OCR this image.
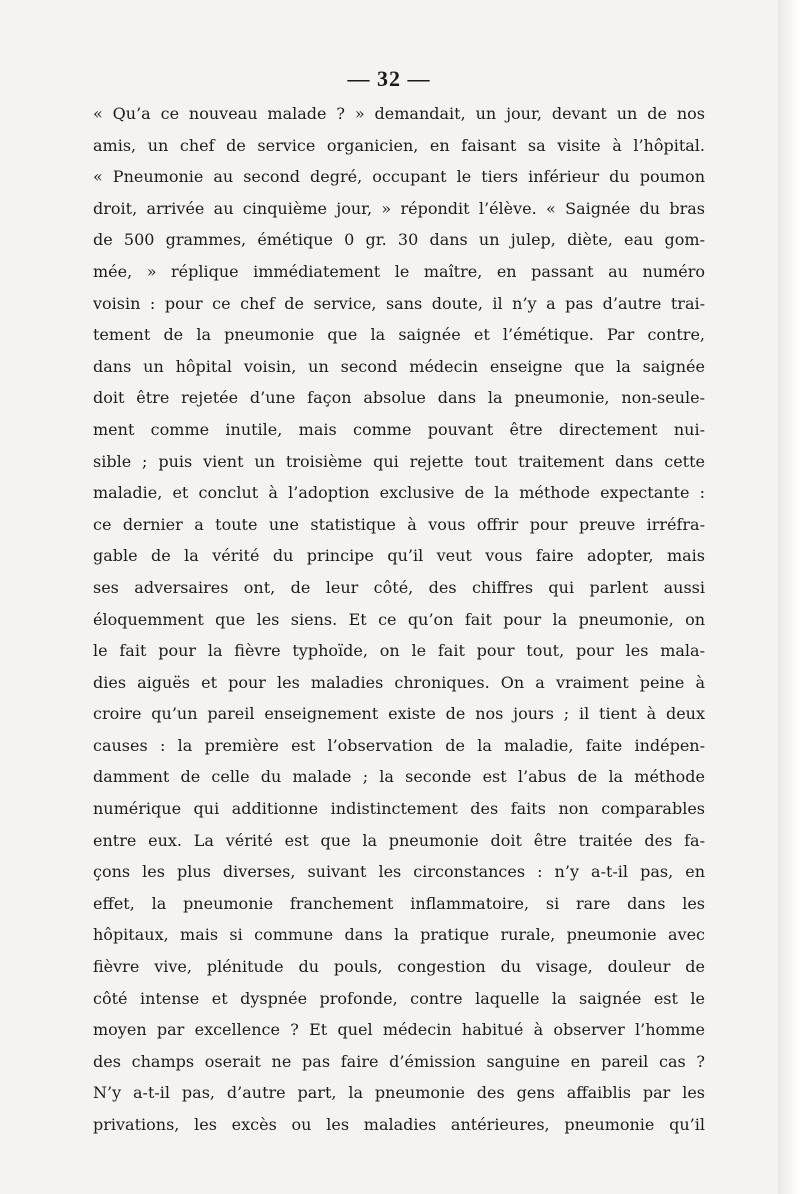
— 32 —
« Qu’a ce nouveau malade ? » demandait, un jour, devant un de nos
amis, un chef de service organicien, en faisant sa visite à l’hôpital.
« Pneumonie au second degré, occupant le tiers inférieur du poumon
droit, arrivée au cinquième jour, » répondit l’élève. « Saignée du bras
de 500 grammes, émétique 0 gr. 30 dans un julep, diète, eau gom-
mée, » réplique immédiatement le maître, en passant au numéro
voisin : pour ce chef de service, sans doute, il n’y a pas d’autre trai-
tement de la pneumonie que la saignée et l’émétique. Par contre,
dans un hôpital voisin, un second médecin enseigne que la saignée
doit être rejetée d’une façon absolue dans la pneumonie, non-seule-
ment comme inutile, mais comme pouvant être directement nui-
sible ; puis vient un troisième qui rejette tout traitement dans cette
maladie, et conclut à l’adoption exclusive de la méthode expectante :
ce dernier a toute une statistique à vous offrir pour preuve irréfra-
gable de la vérité du principe qu’il veut vous faire adopter, mais
ses adversaires ont, de leur côté, des chiffres qui parlent aussi
éloquemment que les siens. Et ce qu’on fait pour la pneumonie, on
le fait pour la fièvre typhoïde, on le fait pour tout, pour les mala-
dies aiguës et pour les maladies chroniques. On a vraiment peine à
croire qu’un pareil enseignement existe de nos jours ; il tient à deux
causes : la première est l’observation de la maladie, faite indépen-
damment de celle du malade ; la seconde est l’abus de la méthode
numérique qui additionne indistinctement des faits non comparables
entre eux. La vérité est que la pneumonie doit être traitée des fa-
çons les plus diverses, suivant les circonstances : n’y a-t-il pas, en
effet, la pneumonie franchement inflammatoire, si rare dans les
hôpitaux, mais si commune dans la pratique rurale, pneumonie avec
fièvre vive, plénitude du pouls, congestion du visage, douleur de
côté intense et dyspnée profonde, contre laquelle la saignée est le
moyen par excellence ? Et quel médecin habitué à observer l’homme
des champs oserait ne pas faire d’émission sanguine en pareil cas ?
N’y a-t-il pas, d’autre part, la pneumonie des gens affaiblis par les
privations, les excès ou les maladies antérieures, pneumonie qu’il
